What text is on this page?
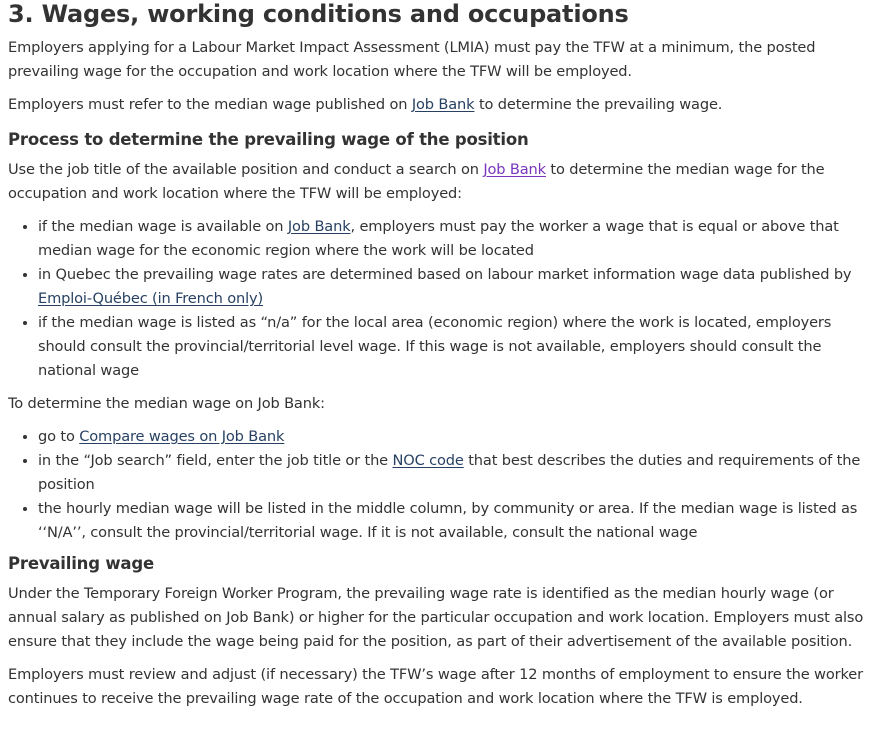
3. Wages, working conditions and occupations

Employers applying for a Labour Market Impact Assessment (LMIA) must pay the TFW at a minimum, the posted prevailing wage for the occupation and work location where the TFW will be employed.

Employers must refer to the median wage published on Job Bank to determine the prevailing wage.

Process to determine the prevailing wage of the position

Use the job title of the available position and conduct a search on Job Bank to determine the median wage for the occupation and work location where the TFW will be employed:

• if the median wage is available on Job Bank, employers must pay the worker a wage that is equal or above that median wage for the economic region where the work will be located
• in Quebec the prevailing wage rates are determined based on labour market information wage data published by Emploi-Québec (in French only)
• if the median wage is listed as “n/a” for the local area (economic region) where the work is located, employers should consult the provincial/territorial level wage. If this wage is not available, employers should consult the national wage

To determine the median wage on Job Bank:

• go to Compare wages on Job Bank
• in the “Job search” field, enter the job title or the NOC code that best describes the duties and requirements of the position
• the hourly median wage will be listed in the middle column, by community or area. If the median wage is listed as ‘‘N/A’’, consult the provincial/territorial wage. If it is not available, consult the national wage
Prevailing wage

Under the Temporary Foreign Worker Program, the prevailing wage rate is identified as the median hourly wage (or annual salary as published on Job Bank) or higher for the particular occupation and work location. Employers must also ensure that they include the wage being paid for the position, as part of their advertisement of the available position.

Employers must review and adjust (if necessary) the TFW’s wage after 12 months of employment to ensure the worker continues to receive the prevailing wage rate of the occupation and work location where the TFW is employed.
